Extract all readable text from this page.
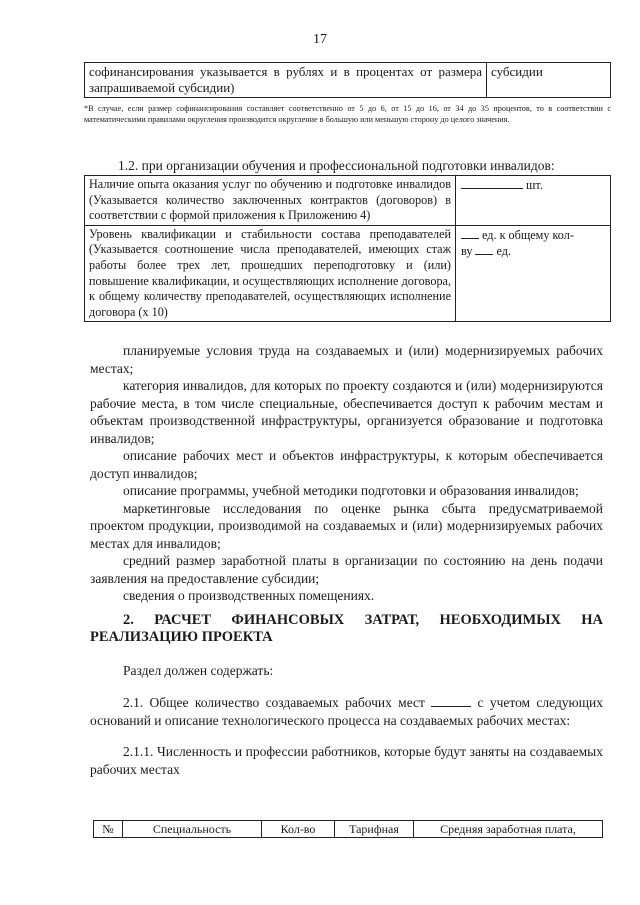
17
софинансирования указывается в рублях и в процентах от размера запрашиваемой субсидии)	субсидии
*В случае, если размер софинансирования составляет соответственно от 5 до 6, от 15 до 16, от 34 до 35 процентов, то в соответствии с математическими правилами округления производится округление в большую или меньшую сторону до целого значения.
1.2. при организации обучения и профессиональной подготовки инвалидов:
Наличие опыта оказания услуг по обучению и подготовке инвалидов (Указывается количество заключенных контрактов (договоров) в соответствии с формой приложения к Приложению 4)	шт.
Уровень квалификации и стабильности состава преподавателей (Указывается соотношение числа преподавателей, имеющих стаж работы более трех лет, прошедших переподготовку и (или) повышение квалификации, и осуществляющих исполнение договора, к общему количеству преподавателей, осуществляющих исполнение договора (x 10)	ед. к общему кол-
ву ед.

планируемые условия труда на создаваемых и (или) модернизируемых рабочих местах;

категория инвалидов, для которых по проекту создаются и (или) модернизируются рабочие места, в том числе специальные, обеспечивается доступ к рабочим местам и объектам производственной инфраструктуры, организуется образование и подготовка инвалидов;

описание рабочих мест и объектов инфраструктуры, к которым обеспечивается доступ инвалидов;

описание программы, учебной методики подготовки и образования инвалидов;

маркетинговые исследования по оценке рынка сбыта предусматриваемой проектом продукции, производимой на создаваемых и (или) модернизируемых рабочих местах для инвалидов;

средний размер заработной платы в организации по состоянию на день подачи заявления на предоставление субсидии;

сведения о производственных помещениях.

2. РАСЧЕТ ФИНАНСОВЫХ ЗАТРАТ, НЕОБХОДИМЫХ НА
РЕАЛИЗАЦИЮ ПРОЕКТА

Раздел должен содержать:

2.1. Общее количество создаваемых рабочих мест	с учетом следующих оснований и описание технологического процесса на создаваемых рабочих местах:

2.1.1. Численность и профессии работников, которые будут заняты на создаваемых рабочих местах

№	Специальность	Кол-во	Тарифная	Средняя заработная плата,
